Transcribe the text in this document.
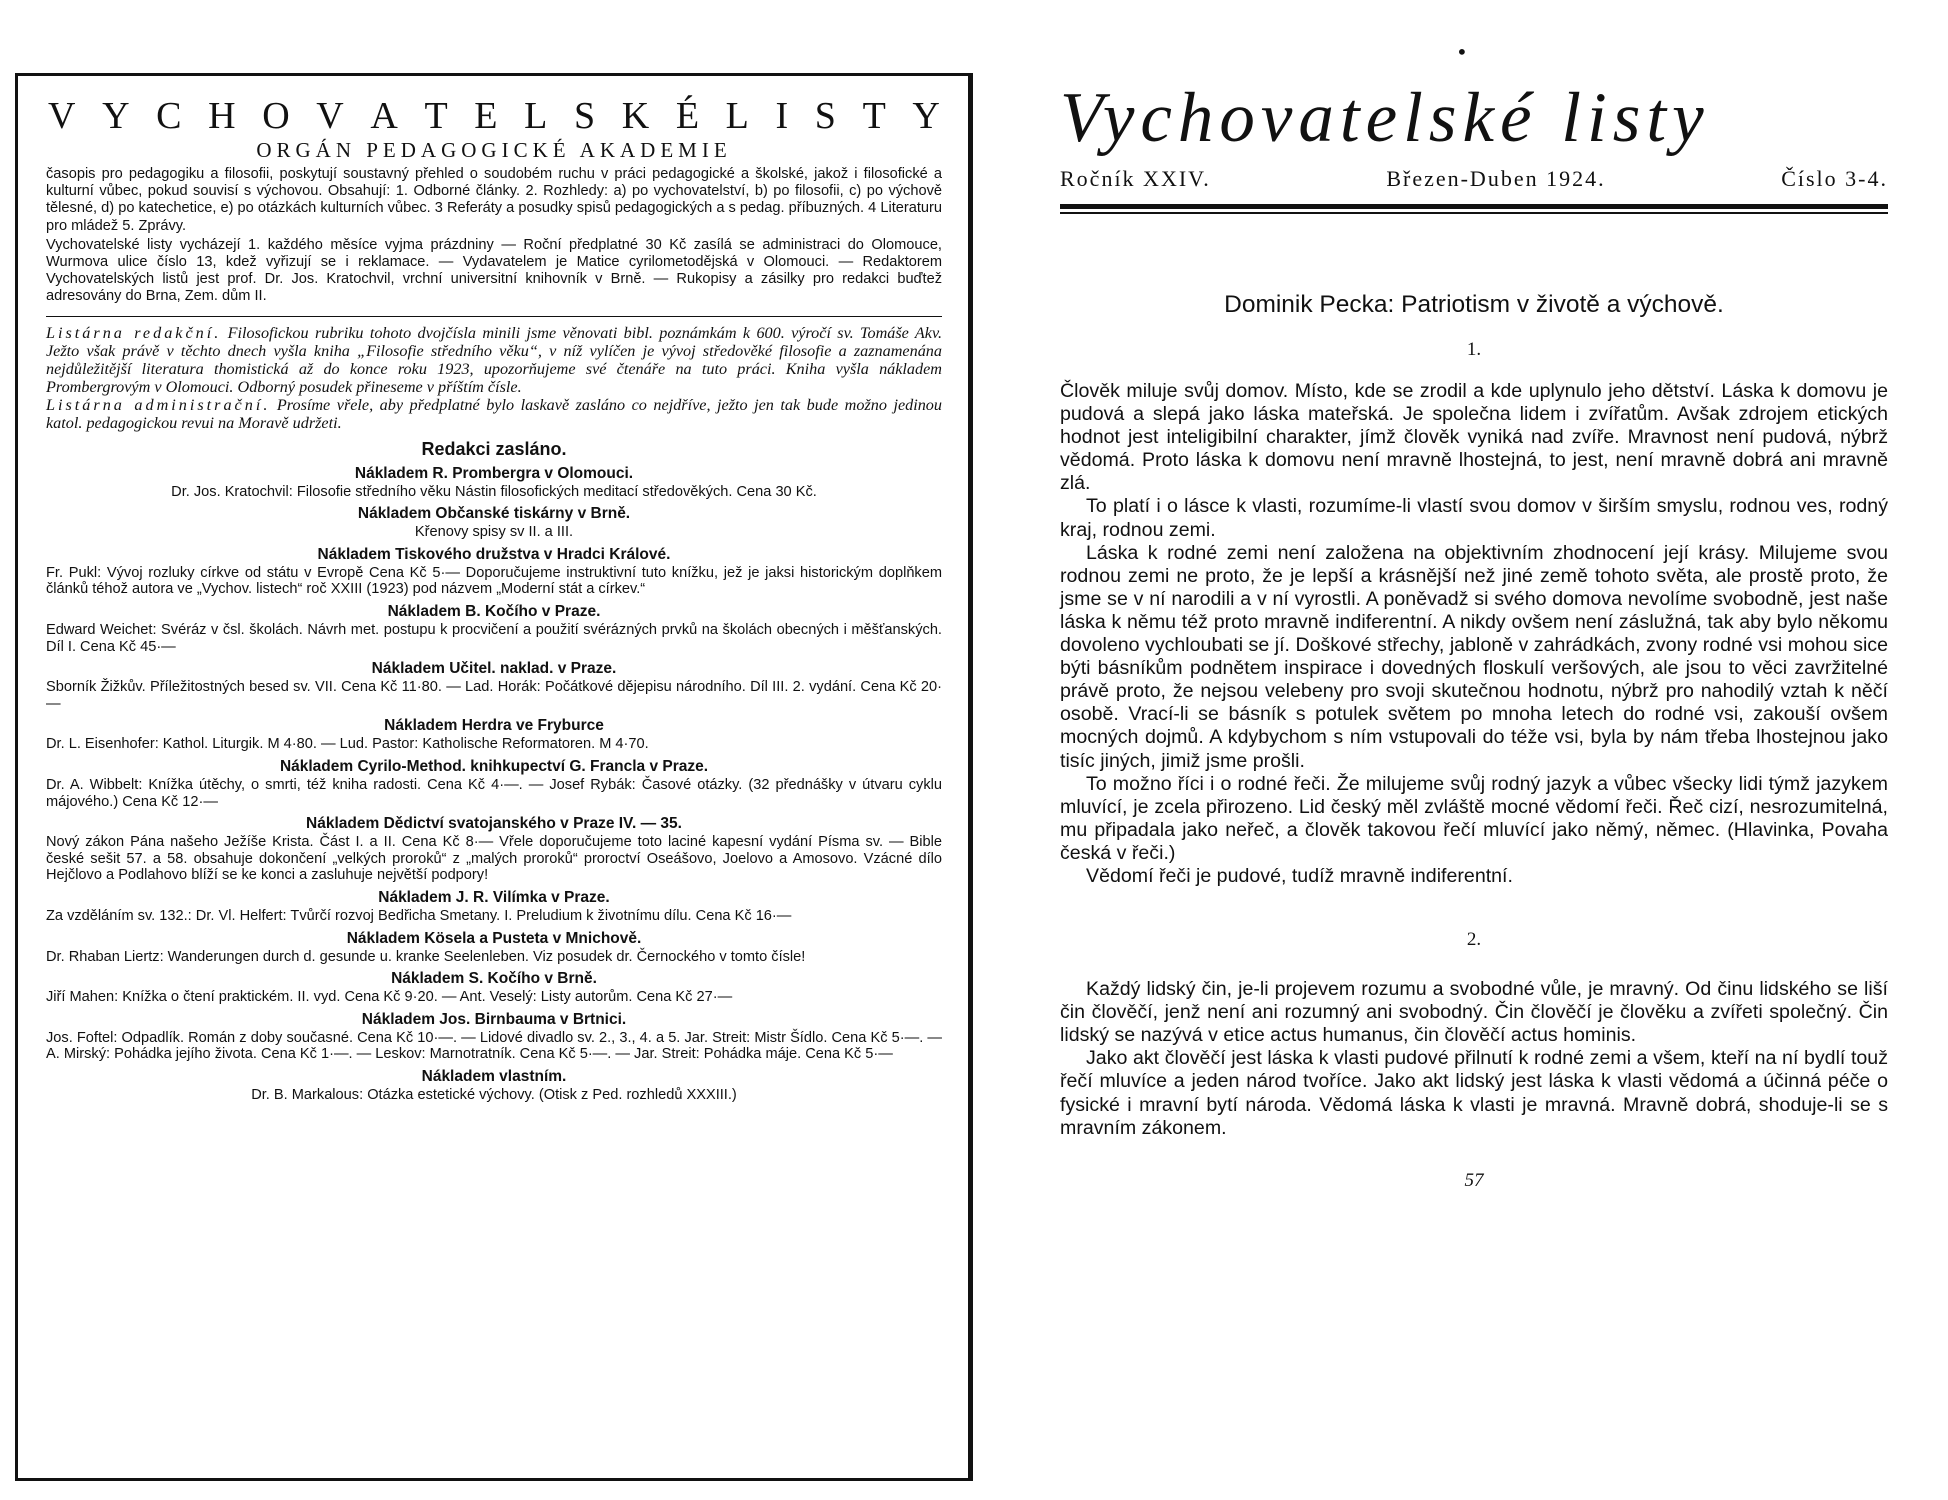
V Y C H O V A T E L S K É L I S T Y
ORGÁN PEDAGOGICKÉ AKADEMIE

časopis pro pedagogiku a filosofii, poskytují soustavný přehled o soudobém ruchu v práci pedagogické a školské, jakož i filosofické a kulturní vůbec, pokud souvisí s výchovou. Obsahují: 1. Odborné články. 2. Rozhledy: a) po vychovatelství, b) po filosofii, c) po výchově tělesné, d) po katechetice, e) po otázkách kulturních vůbec. 3 Referáty a posudky spisů pedagogických a s pedag. příbuzných. 4 Literaturu pro mládež 5. Zprávy.

Vychovatelské listy vycházejí 1. každého měsíce vyjma prázdniny — Roční předplatné 30 Kč zasílá se administraci do Olomouce, Wurmova ulice číslo 13, kdež vyřizují se i reklamace. — Vydavatelem je Matice cyrilometodějská v Olomouci. — Redaktorem Vychovatelských listů jest prof. Dr. Jos. Kratochvil, vrchní universitní knihovník v Brně. — Rukopisy a zásilky pro redakci buďtež adresovány do Brna, Zem. dům II.

Listárna redakční. Filosofickou rubriku tohoto dvojčísla minili jsme věnovati bibl. poznámkám k 600. výročí sv. Tomáše Akv. Ježto však právě v těchto dnech vyšla kniha „Filosofie středního věku“, v níž vylíčen je vývoj středověké filosofie a zaznamenána nejdůležitější literatura thomistická až do konce roku 1923, upozorňujeme své čtenáře na tuto práci. Kniha vyšla nákladem Prombergrovým v Olomouci. Odborný posudek přineseme v příštím čísle.

Listárna administrační. Prosíme vřele, aby předplatné bylo laskavě zasláno co nejdříve, ježto jen tak bude možno jedinou katol. pedagogickou revui na Moravě udržeti.

Redakci zasláno.
Nákladem R. Prombergra v Olomouci.

Dr. Jos. Kratochvil: Filosofie středního věku Nástin filosofických meditací středověkých. Cena 30 Kč.

Nákladem Občanské tiskárny v Brně.

Křenovy spisy sv II. a III.

Nákladem Tiskového družstva v Hradci Králové.

Fr. Pukl: Vývoj rozluky církve od státu v Evropě Cena Kč 5·— Doporučujeme instruktivní tuto knížku, jež je jaksi historickým doplňkem článků téhož autora ve „Vychov. listech“ roč XXIII (1923) pod názvem „Moderní stát a církev.“

Nákladem B. Kočího v Praze.

Edward Weichet: Svéráz v čsl. školách. Návrh met. postupu k procvičení a použití svérázných prvků na školách obecných i měšťanských. Díl I. Cena Kč 45·—

Nákladem Učitel. naklad. v Praze.

Sborník Žižkův. Příležitostných besed sv. VII. Cena Kč 11·80. — Lad. Horák: Počátkové dějepisu národního. Díl III. 2. vydání. Cena Kč 20·—

Nákladem Herdra ve Fryburce

Dr. L. Eisenhofer: Kathol. Liturgik. M 4·80. — Lud. Pastor: Katholische Reformatoren. M 4·70.

Nákladem Cyrilo-Method. knihkupectví G. Francla v Praze.

Dr. A. Wibbelt: Knížka útěchy, o smrti, též kniha radosti. Cena Kč 4·—. — Josef Rybák: Časové otázky. (32 přednášky v útvaru cyklu májového.) Cena Kč 12·—

Nákladem Dědictví svatojanského v Praze IV. — 35.

Nový zákon Pána našeho Ježíše Krista. Část I. a II. Cena Kč 8·— Vřele doporučujeme toto laciné kapesní vydání Písma sv. — Bible české sešit 57. a 58. obsahuje dokončení „velkých proroků“ z „malých proroků“ proroctví Oseášovo, Joelovo a Amosovo. Vzácné dílo Hejčlovo a Podlahovo blíží se ke konci a zasluhuje největší podpory!

Nákladem J. R. Vilímka v Praze.

Za vzděláním sv. 132.: Dr. Vl. Helfert: Tvůrčí rozvoj Bedřicha Smetany. I. Preludium k životnímu dílu. Cena Kč 16·—

Nákladem Kösela a Pusteta v Mnichově.

Dr. Rhaban Liertz: Wanderungen durch d. gesunde u. kranke Seelenleben. Viz posudek dr. Černockého v tomto čísle!

Nákladem S. Kočího v Brně.

Jiří Mahen: Knížka o čtení praktickém. II. vyd. Cena Kč 9·20. — Ant. Veselý: Listy autorům. Cena Kč 27·—

Nákladem Jos. Birnbauma v Brtnici.

Jos. Foftel: Odpadlík. Román z doby současné. Cena Kč 10·—. — Lidové divadlo sv. 2., 3., 4. a 5. Jar. Streit: Mistr Šídlo. Cena Kč 5·—. — A. Mirský: Pohádka jejího života. Cena Kč 1·—. — Leskov: Marnotratník. Cena Kč 5·—. — Jar. Streit: Pohádka máje. Cena Kč 5·—

Nákladem vlastním.

Dr. B. Markalous: Otázka estetické výchovy. (Otisk z Ped. rozhledů XXXIII.)

•
Vychovatelské listy
Ročník XXIV.	Březen-Duben 1924.	Číslo 3-4.
Dominik Pecka: Patriotism v životě a výchově.
1.

Člověk miluje svůj domov. Místo, kde se zrodil a kde uplynulo jeho dětství. Láska k domovu je pudová a slepá jako láska mateřská. Je společna lidem i zvířatům. Avšak zdrojem etických hodnot jest inteligibilní charakter, jímž člověk vyniká nad zvíře. Mravnost není pudová, nýbrž vědomá. Proto láska k domovu není mravně lhostejná, to jest, není mravně dobrá ani mravně zlá.

To platí i o lásce k vlasti, rozumíme-li vlastí svou domov v širším smyslu, rodnou ves, rodný kraj, rodnou zemi.

Láska k rodné zemi není založena na objektivním zhodnocení její krásy. Milujeme svou rodnou zemi ne proto, že je lepší a krásnější než jiné země tohoto světa, ale prostě proto, že jsme se v ní narodili a v ní vyrostli. A poněvadž si svého domova nevolíme svobodně, jest naše láska k němu též proto mravně indiferentní. A nikdy ovšem není záslužná, tak aby bylo někomu dovoleno vychloubati se jí. Doškové střechy, jabloně v zahrádkách, zvony rodné vsi mohou sice býti básníkům podnětem inspirace i dovedných floskulí veršových, ale jsou to věci zavržitelné právě proto, že nejsou velebeny pro svoji skutečnou hodnotu, nýbrž pro nahodilý vztah k něčí osobě. Vrací-li se básník s potulek světem po mnoha letech do rodné vsi, zakouší ovšem mocných dojmů. A kdybychom s ním vstupovali do téže vsi, byla by nám třeba lhostejnou jako tisíc jiných, jimiž jsme prošli.

To možno říci i o rodné řeči. Že milujeme svůj rodný jazyk a vůbec všecky lidi týmž jazykem mluvící, je zcela přirozeno. Lid český měl zvláště mocné vědomí řeči. Řeč cizí, nesrozumitelná, mu připadala jako neřeč, a člověk takovou řečí mluvící jako němý, němec. (Hlavinka, Povaha česká v řeči.)

Vědomí řeči je pudové, tudíž mravně indiferentní.

2.

Každý lidský čin, je-li projevem rozumu a svobodné vůle, je mravný. Od činu lidského se liší čin člověčí, jenž není ani rozumný ani svobodný. Čin člověčí je člověku a zvířeti společný. Čin lidský se nazývá v etice actus humanus, čin člověčí actus hominis.

Jako akt člověčí jest láska k vlasti pudové přilnutí k rodné zemi a všem, kteří na ní bydlí touž řečí mluvíce a jeden národ tvoříce. Jako akt lidský jest láska k vlasti vědomá a účinná péče o fysické i mravní bytí národa. Vědomá láska k vlasti je mravná. Mravně dobrá, shoduje-li se s mravním zákonem.

57
